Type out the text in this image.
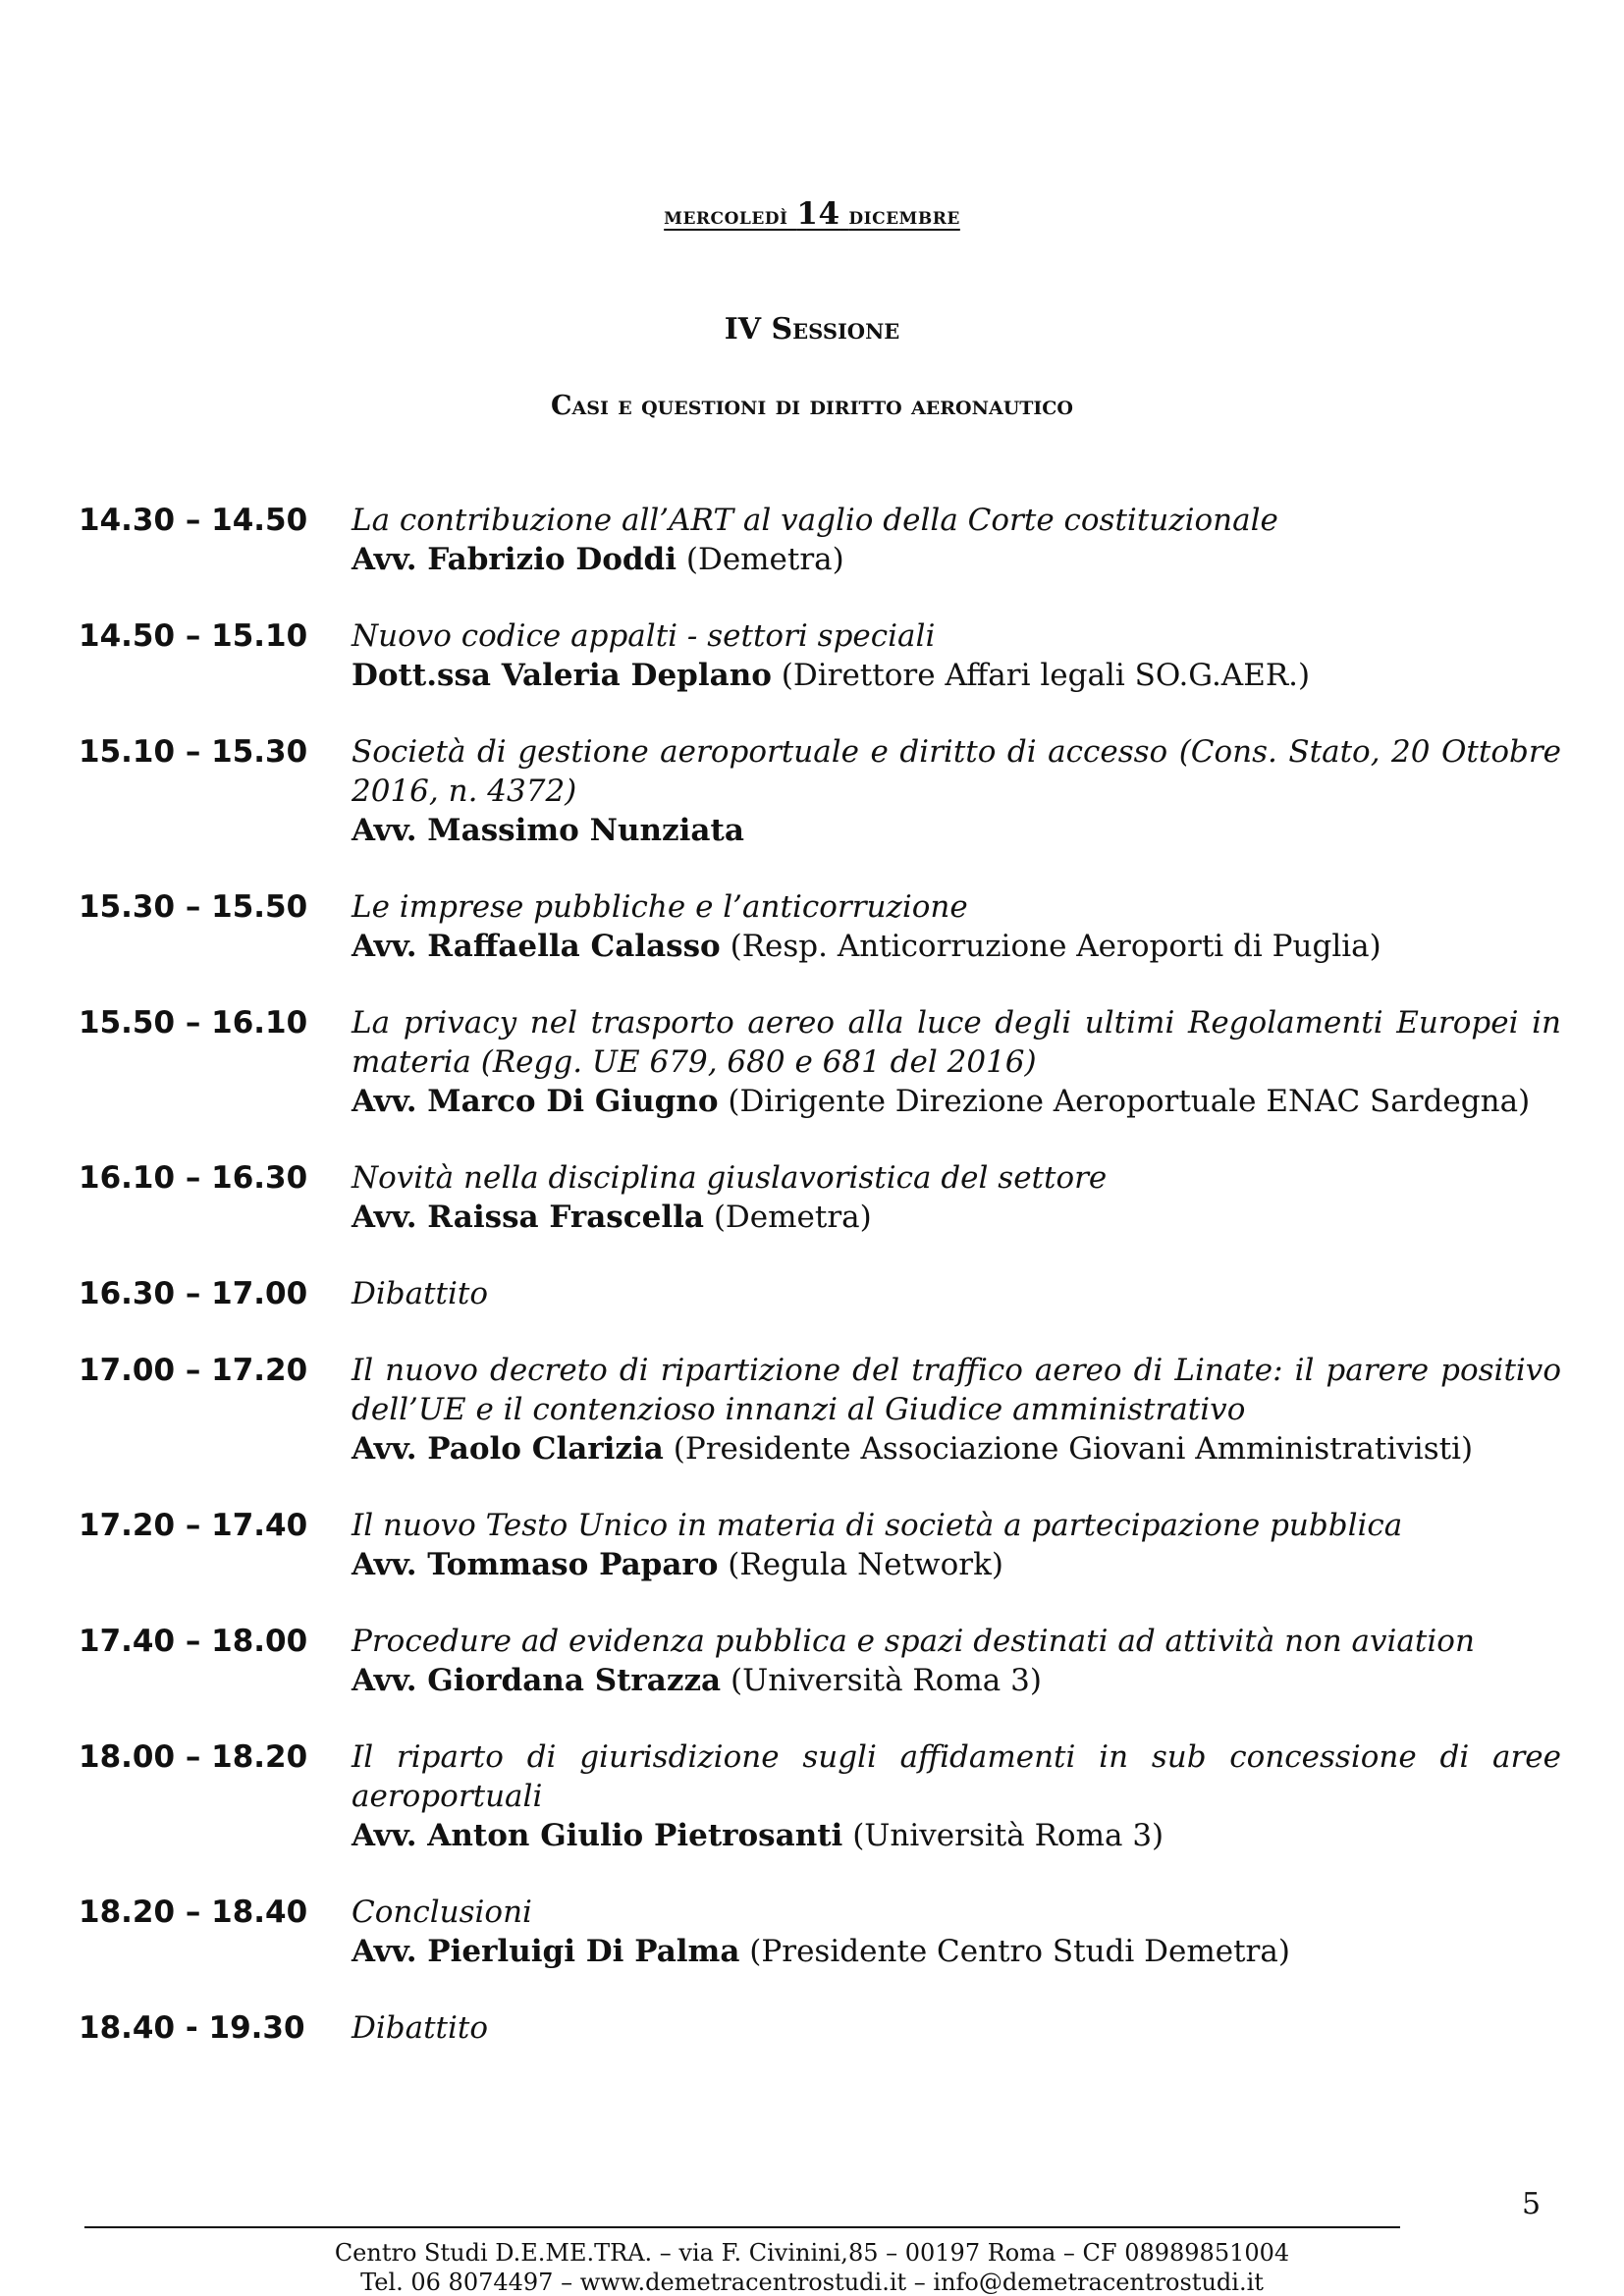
mercoledì 14 dicembre
IV Sessione
Casi e questioni di diritto aeronautico
14.30 – 14.50	La contribuzione all’ART al vaglio della Corte costituzionale
Avv. Fabrizio Doddi (Demetra)
14.50 – 15.10	Nuovo codice appalti - settori speciali
Dott.ssa Valeria Deplano (Direttore Affari legali SO.G.AER.)
15.10 – 15.30	Società di gestione aeroportuale e diritto di accesso (Cons. Stato, 20 Ottobre 2016, n. 4372)
Avv. Massimo Nunziata
15.30 – 15.50	Le imprese pubbliche e l’anticorruzione
Avv. Raffaella Calasso (Resp. Anticorruzione Aeroporti di Puglia)
15.50 – 16.10	La privacy nel trasporto aereo alla luce degli ultimi Regolamenti Europei in materia (Regg. UE 679, 680 e 681 del 2016)
Avv. Marco Di Giugno (Dirigente Direzione Aeroportuale ENAC Sardegna)
16.10 – 16.30	Novità nella disciplina giuslavoristica del settore
Avv. Raissa Frascella (Demetra)
16.30 – 17.00	Dibattito
17.00 – 17.20	Il nuovo decreto di ripartizione del traffico aereo di Linate: il parere positivo dell’UE e il contenzioso innanzi al Giudice amministrativo
Avv. Paolo Clarizia (Presidente Associazione Giovani Amministrativisti)
17.20 – 17.40	Il nuovo Testo Unico in materia di società a partecipazione pubblica
Avv. Tommaso Paparo (Regula Network)
17.40 – 18.00	Procedure ad evidenza pubblica e spazi destinati ad attività non aviation
Avv. Giordana Strazza (Università Roma 3)
18.00 – 18.20	Il riparto di giurisdizione sugli affidamenti in sub concessione di aree aeroportuali
Avv. Anton Giulio Pietrosanti (Università Roma 3)
18.20 – 18.40	Conclusioni
Avv. Pierluigi Di Palma (Presidente Centro Studi Demetra)
18.40 - 19.30	Dibattito
5
Centro Studi D.E.ME.TRA. – via F. Civinini,85 – 00197 Roma – CF 08989851004
Tel. 06 8074497 – www.demetracentrostudi.it – info@demetracentrostudi.it
